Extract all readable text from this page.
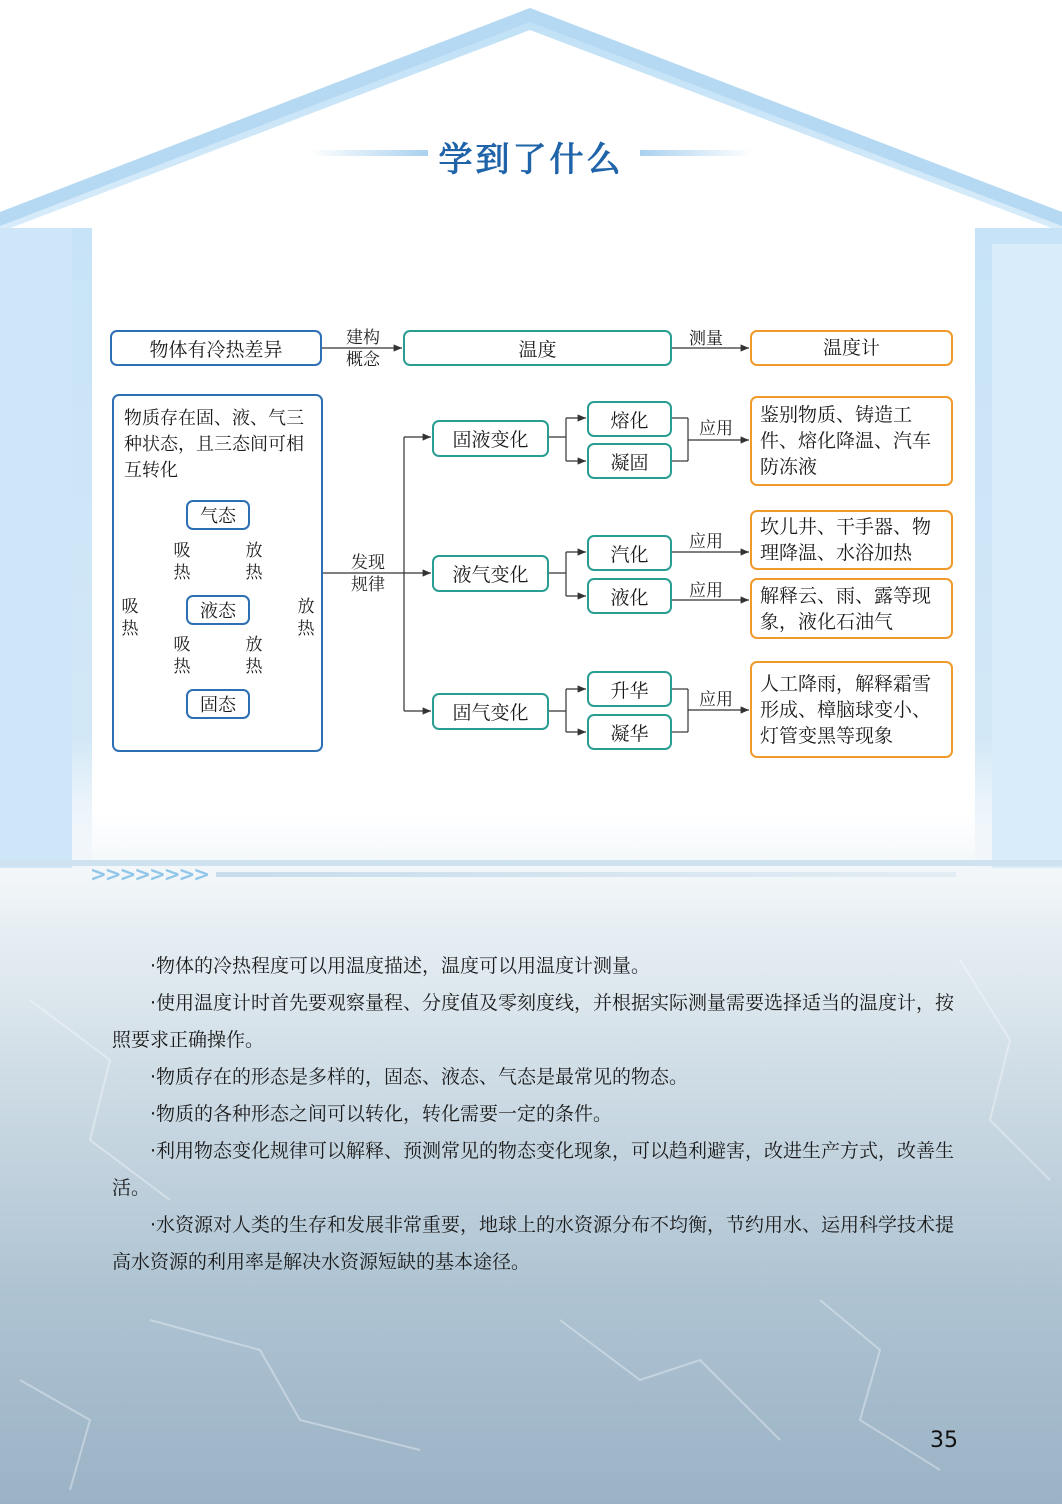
学到了什么
物体有冷热差异
建构概念	温度	测量	温度计
物质存在固、液、气三种状态，且三态间可相互转化
气态
液态
固态
吸热
放热
吸热
放热
吸热
放热
发现规律
固液变化
熔化
凝固
应用
鉴别物质、铸造工件、熔化降温、汽车防冻液
液气变化
汽化
液化
应用
应用
坎儿井、干手器、物理降温、水浴加热
解释云、雨、露等现象，液化石油气
固气变化
升华
凝华
应用
人工降雨，解释霜雪形成、樟脑球变小、灯管变黑等现象
>>>>>>>>

·物体的冷热程度可以用温度描述，温度可以用温度计测量。

·使用温度计时首先要观察量程、分度值及零刻度线，并根据实际测量需要选择适当的温度计，按照要求正确操作。

·物质存在的形态是多样的，固态、液态、气态是最常见的物态。

·物质的各种形态之间可以转化，转化需要一定的条件。

·利用物态变化规律可以解释、预测常见的物态变化现象，可以趋利避害，改进生产方式，改善生活。

·水资源对人类的生存和发展非常重要，地球上的水资源分布不均衡，节约用水、运用科学技术提高水资源的利用率是解决水资源短缺的基本途径。

35
